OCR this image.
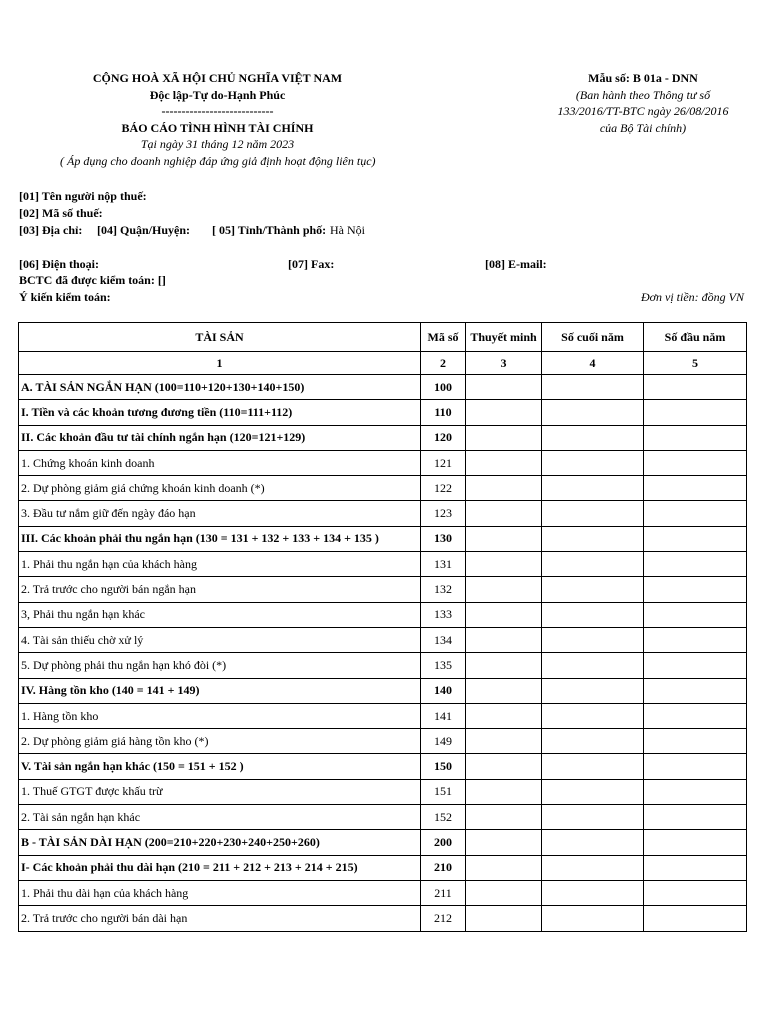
CỘNG HOÀ XÃ HỘI CHỦ NGHĨA VIỆT NAM
Độc lập-Tự do-Hạnh Phúc
----------------------------
BÁO CÁO TÌNH HÌNH TÀI CHÍNH
Tại ngày 31 tháng 12 năm 2023
( Áp dụng cho doanh nghiệp đáp ứng giả định hoạt động liên tục)
Mẫu số: B 01a - DNN
(Ban hành theo Thông tư số
133/2016/TT-BTC ngày 26/08/2016
của Bộ Tài chính)
[01] Tên người nộp thuế:
[02] Mã số thuế:
[03] Địa chỉ: [04] Quận/Huyện: [ 05] Tỉnh/Thành phố: Hà Nội
[06] Điện thoại:	[07] Fax:	[08] E-mail:
BCTC đã được kiểm toán: []
Ý kiến kiểm toán:	Đơn vị tiền: đồng VN
TÀI SẢN	Mã số	Thuyết minh	Số cuối năm	Số đầu năm
1	2	3	4	5
A. TÀI SẢN NGẮN HẠN (100=110+120+130+140+150)	100			
I. Tiền và các khoản tương đương tiền (110=111+112)	110			
II. Các khoản đầu tư tài chính ngắn hạn (120=121+129)	120			
1. Chứng khoán kinh doanh	121			
2. Dự phòng giảm giá chứng khoán kinh doanh (*)	122			
3. Đầu tư nắm giữ đến ngày đáo hạn	123			
III. Các khoản phải thu ngắn hạn (130 = 131 + 132 + 133 + 134 + 135 )	130			
1. Phải thu ngắn hạn của khách hàng	131			
2. Trả trước cho người bán ngắn hạn	132			
3, Phải thu ngắn hạn khác	133			
4. Tài sản thiếu chờ xử lý	134			
5. Dự phòng phải thu ngắn hạn khó đòi (*)	135			
IV. Hàng tồn kho (140 = 141 + 149)	140			
1. Hàng tồn kho	141			
2. Dự phòng giảm giá hàng tồn kho (*)	149			
V. Tài sản ngắn hạn khác (150 = 151 + 152 )	150			
1. Thuế GTGT được khấu trừ	151			
2. Tài sản ngắn hạn khác	152			
B - TÀI SẢN DÀI HẠN (200=210+220+230+240+250+260)	200			
I- Các khoản phải thu dài hạn (210 = 211 + 212 + 213 + 214 + 215)	210			
1. Phải thu dài hạn của khách hàng	211			
2. Trả trước cho người bán dài hạn	212			
